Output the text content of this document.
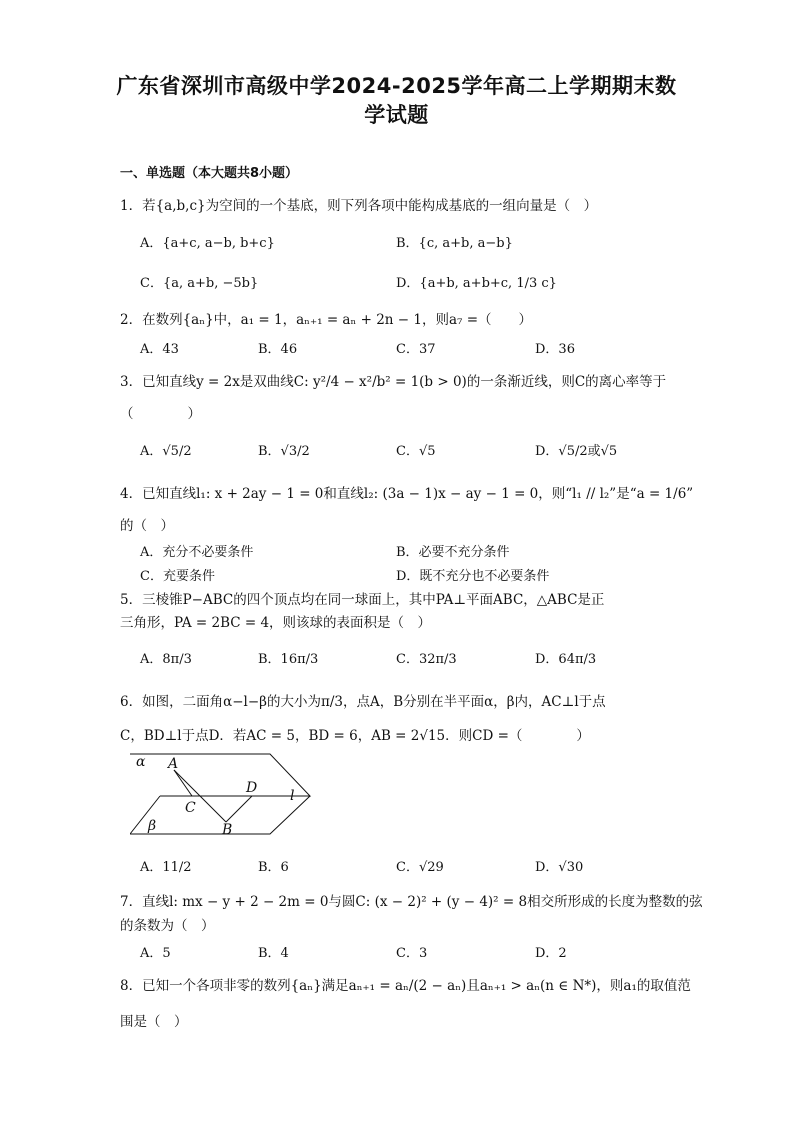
广东省深圳市高级中学2024-2025学年高二上学期期末数
学试题
一、单选题（本大题共8小题）
1．若{a,b,c}为空间的一个基底，则下列各项中能构成基底的一组向量是（　）
A．{a+c, a−b, b+c}	B．{c, a+b, a−b}
C．{a, a+b, −5b}	D．{a+b, a+b+c, 1/3 c}
2．在数列{aₙ}中，a₁ = 1，aₙ₊₁ = aₙ + 2n − 1，则a₇ =（　　）
A．43	B．46	C．37	D．36
3．已知直线y = 2x是双曲线C: y²/4 − x²/b² = 1(b > 0)的一条渐近线，则C的离心率等于
（　　　　）
A．√5/2	B．√3/2	C．√5	D．√5/2或√5
4．已知直线l₁: x + 2ay − 1 = 0和直线l₂: (3a − 1)x − ay − 1 = 0，则“l₁ // l₂”是“a = 1/6”
的（　）
A．充分不必要条件	B．必要不充分条件
C．充要条件	D．既不充分也不必要条件
5．三棱锥P−ABC的四个顶点均在同一球面上，其中PA⊥平面ABC，△ABC是正
三角形，PA = 2BC = 4，则该球的表面积是（　）
A．8π/3	B．16π/3	C．32π/3	D．64π/3
6．如图，二面角α−l−β的大小为π/3，点A，B分别在半平面α，β内，AC⊥l于点
C，BD⊥l于点D．若AC = 5，BD = 6，AB = 2√15．则CD =（　　　　）
α A
C
D l
β	B
A．11/2	B．6	C．√29	D．√30
7．直线l: mx − y + 2 − 2m = 0与圆C: (x − 2)² + (y − 4)² = 8相交所形成的长度为整数的弦
的条数为（　）
A．5	B．4	C．3	D．2
8．已知一个各项非零的数列{aₙ}满足aₙ₊₁ = aₙ/(2 − aₙ)且aₙ₊₁ > aₙ(n ∈ N*)，则a₁的取值范
围是（　）
